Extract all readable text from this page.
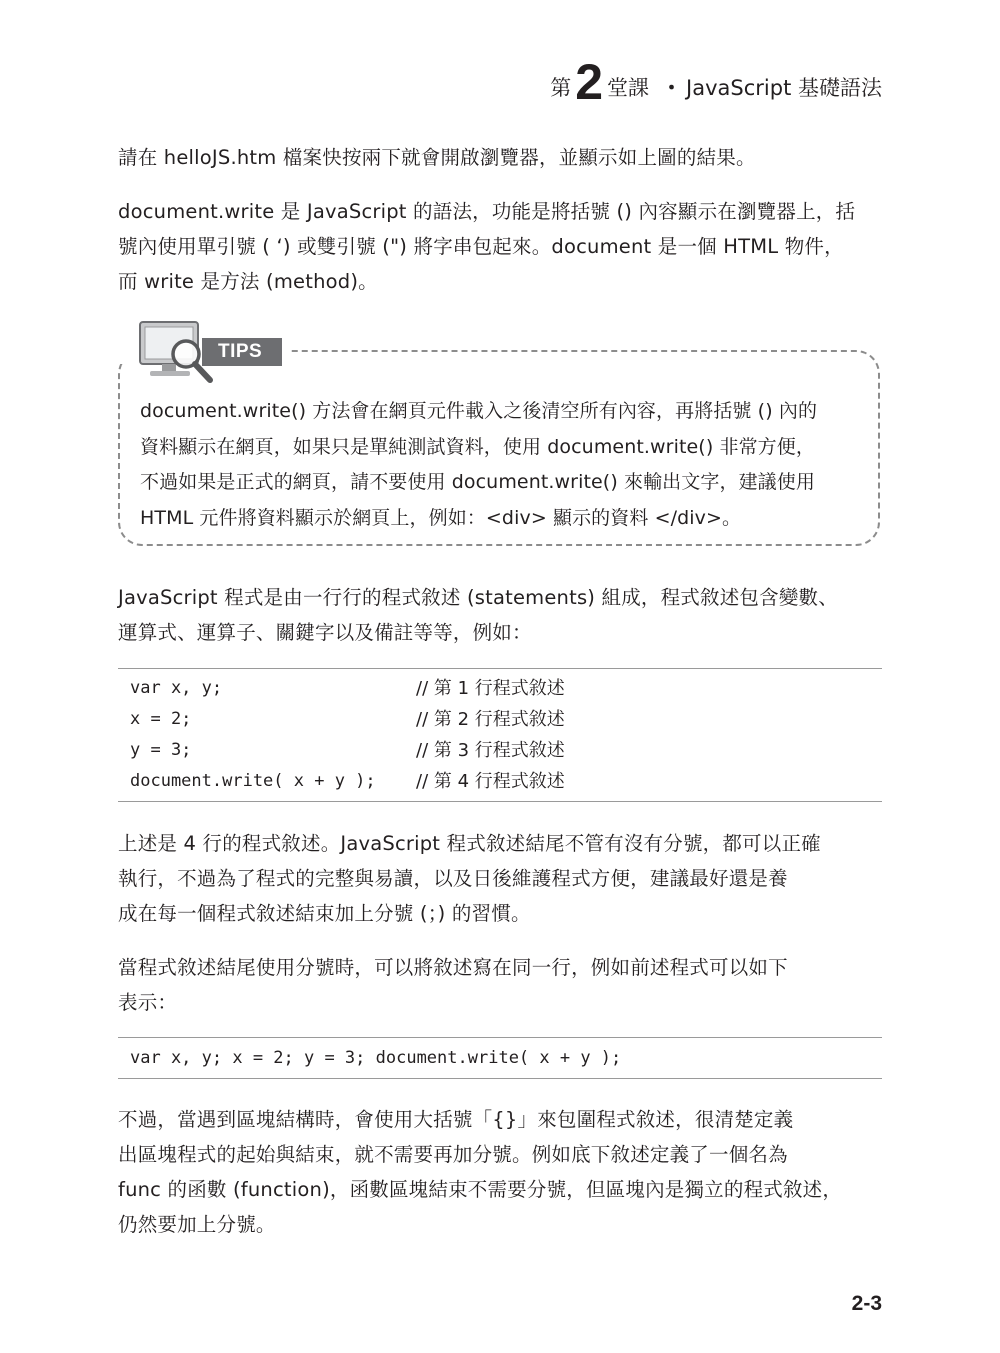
第 2 堂課 ・ JavaScript 基礎語法
請在 helloJS.htm 檔案快按兩下就會開啟瀏覽器，並顯示如上圖的結果。
document.write 是 JavaScript 的語法，功能是將括號 () 內容顯示在瀏覽器上，括
號內使用單引號 ( ‘) 或雙引號 (") 將字串包起來。document 是一個 HTML 物件，
而 write 是方法 (method)。
TIPS
document.write() 方法會在網頁元件載入之後清空所有內容，再將括號 () 內的
資料顯示在網頁，如果只是單純測試資料，使用 document.write() 非常方便，
不過如果是正式的網頁，請不要使用 document.write() 來輸出文字，建議使用
HTML 元件將資料顯示於網頁上，例如：<div> 顯示的資料 </div>。
JavaScript 程式是由一行行的程式敘述 (statements) 組成，程式敘述包含變數、
運算式、運算子、關鍵字以及備註等等，例如：
var x, y;	// 第 1 行程式敘述
x = 2;	// 第 2 行程式敘述
y = 3;	// 第 3 行程式敘述
document.write( x + y ); // 第 4 行程式敘述
上述是 4 行的程式敘述。JavaScript 程式敘述結尾不管有沒有分號，都可以正確
執行，不過為了程式的完整與易讀，以及日後維護程式方便，建議最好還是養
成在每一個程式敘述結束加上分號 (；) 的習慣。
當程式敘述結尾使用分號時，可以將敘述寫在同一行，例如前述程式可以如下
表示：
var x, y; x = 2; y = 3; document.write( x + y );
不過，當遇到區塊結構時，會使用大括號「{}」來包圍程式敘述，很清楚定義
出區塊程式的起始與結束，就不需要再加分號。例如底下敘述定義了一個名為
func 的函數 (function)，函數區塊結束不需要分號，但區塊內是獨立的程式敘述，
仍然要加上分號。
2-3
